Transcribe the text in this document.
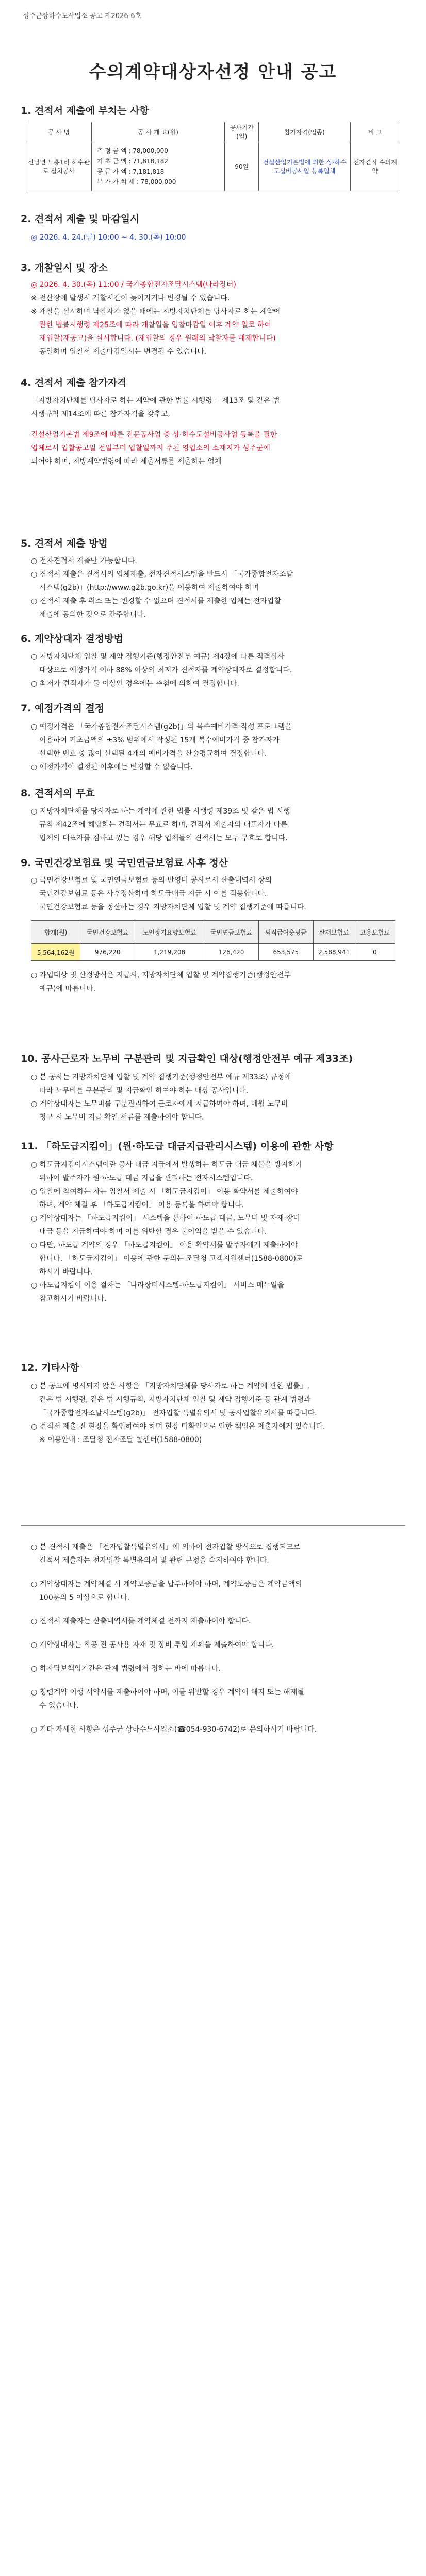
성주군상하수도사업소 공고 제2026-6호
수의계약대상자선정 안내 공고
1. 견적서 제출에 부치는 사항
공 사 명	공 사 개 요(원)	공사기간(일)	참가자격(업종)	비 고
선남면 도흥1리 하수관로 설치공사	추 정 금 액 : 78,000,000
기 초 금 액 : 71,818,182
공 급 가 액 : 7,181,818
부 가 가 치 세 : 78,000,000	90일	건설산업기본법에 의한 상·하수도설비공사업 등록업체	전자견적 수의계약
2. 견적서 제출 및 마감일시
◎ 2026. 4. 24.(금) 10:00 ~ 4. 30.(목) 10:00
3. 개찰일시 및 장소
◎ 2026. 4. 30.(목) 11:00 / 국가종합전자조달시스템(나라장터)
※ 전산장애 발생시 개찰시간이 늦어지거나 변경될 수 있습니다.
※ 개찰을 실시하며 낙찰자가 없을 때에는 지방자치단체를 당사자로 하는 계약에
관한 법률시행령 제25조에 따라 개찰일을 입찰마감일 이후 계약 일로 하여
재입찰(재공고)을 실시합니다. (재입찰의 경우 원래의 낙찰자를 배제합니다)
동일하며 입찰서 제출마감일시는 변경될 수 있습니다.
4. 견적서 제출 참가자격
「지방자치단체를 당사자로 하는 계약에 관한 법률 시행령」 제13조 및 같은 법
시행규칙 제14조에 따른 참가자격을 갖추고,
건설산업기본법 제9조에 따른 전문공사업 중 상·하수도설비공사업 등록을 필한
업체로서 입찰공고일 전일부터 입찰일까지 주된 영업소의 소재지가 성주군에
되어야 하며, 지방계약법령에 따라 제출서류를 제출하는 업체
5. 견적서 제출 방법
○ 전자견적서 제출만 가능합니다.
○ 견적서 제출은 견적서의 업체제출, 전자견적시스템을 반드시 「국가종합전자조달
시스템(g2b)」(http://www.g2b.go.kr)을 이용하여 제출하여야 하며
○ 견적서 제출 후 취소 또는 변경할 수 없으며 견적서를 제출한 업체는 전자입찰
제출에 동의한 것으로 간주합니다.
6. 계약상대자 결정방법
○ 지방자치단체 입찰 및 계약 집행기준(행정안전부 예규) 제4장에 따른 적격심사
대상으로 예정가격 이하 88% 이상의 최저가 견적자를 계약상대자로 결정합니다.
○ 최저가 견적자가 둘 이상인 경우에는 추첨에 의하여 결정합니다.
7. 예정가격의 결정
○ 예정가격은 「국가종합전자조달시스템(g2b)」의 복수예비가격 작성 프로그램을
이용하여 기초금액의 ±3% 범위에서 작성된 15개 복수예비가격 중 참가자가
선택한 번호 중 많이 선택된 4개의 예비가격을 산술평균하여 결정합니다.
○ 예정가격이 결정된 이후에는 변경할 수 없습니다.
8. 견적서의 무효
○ 지방자치단체를 당사자로 하는 계약에 관한 법률 시행령 제39조 및 같은 법 시행
규칙 제42조에 해당하는 견적서는 무효로 하며, 견적서 제출자의 대표자가 다른
업체의 대표자를 겸하고 있는 경우 해당 업체들의 견적서는 모두 무효로 합니다.
9. 국민건강보험료 및 국민연금보험료 사후 정산
○ 국민건강보험료 및 국민연금보험료 등의 반영비 공사로서 산출내역서 상의
국민건강보험료 등은 사후정산하며 하도급대금 지급 시 이를 적용합니다.
국민건강보험료 등을 정산하는 경우 지방자치단체 입찰 및 계약 집행기준에 따릅니다.
합계(원)	국민건강보험료	노인장기요양보험료	국민연금보험료	퇴직급여충당금	산재보험료	고용보험료
5,564,162원	976,220	1,219,208	126,420	653,575	2,588,941	0
○ 가입대상 및 산정방식은 지급시, 지방자치단체 입찰 및 계약집행기준(행정안전부
예규)에 따릅니다.
10. 공사근로자 노무비 구분관리 및 지급확인 대상(행정안전부 예규 제33조)
○ 본 공사는 지방자치단체 입찰 및 계약 집행기준(행정안전부 예규 제33조) 규정에
따라 노무비를 구분관리 및 지급확인 하여야 하는 대상 공사입니다.
○ 계약상대자는 노무비를 구분관리하여 근로자에게 지급하여야 하며, 매월 노무비
청구 시 노무비 지급 확인 서류를 제출하여야 합니다.
11. 「하도급지킴이」(원·하도급 대금지급관리시스템) 이용에 관한 사항
○ 하도급지킴이시스템이란 공사 대금 지급에서 발생하는 하도급 대금 체불을 방지하기
위하여 발주자가 원·하도급 대금 지급을 관리하는 전자시스템입니다.
○ 입찰에 참여하는 자는 입찰서 제출 시 「하도급지킴이」 이용 확약서를 제출하여야
하며, 계약 체결 후 「하도급지킴이」 이용 등록을 하여야 합니다.
○ 계약상대자는 「하도급지킴이」 시스템을 통하여 하도급 대금, 노무비 및 자재·장비
대금 등을 지급하여야 하며 이를 위반할 경우 불이익을 받을 수 있습니다.
○ 다만, 하도급 계약의 경우 「하도급지킴이」 이용 확약서를 발주자에게 제출하여야
합니다. 「하도급지킴이」 이용에 관한 문의는 조달청 고객지원센터(1588-0800)로
하시기 바랍니다.
○ 하도급지킴이 이용 절차는 「나라장터시스템-하도급지킴이」 서비스 매뉴얼을
참고하시기 바랍니다.
12. 기타사항
○ 본 공고에 명시되지 않은 사항은 「지방자치단체를 당사자로 하는 계약에 관한 법률」,
같은 법 시행령, 같은 법 시행규칙, 지방자치단체 입찰 및 계약 집행기준 등 관계 법령과
「국가종합전자조달시스템(g2b)」 전자입찰 특별유의서 및 공사입찰유의서를 따릅니다.
○ 견적서 제출 전 현장을 확인하여야 하며 현장 미확인으로 인한 책임은 제출자에게 있습니다.
※ 이용안내 : 조달청 전자조달 콜센터(1588-0800)
○ 본 견적서 제출은 「전자입찰특별유의서」에 의하여 전자입찰 방식으로 집행되므로
견적서 제출자는 전자입찰 특별유의서 및 관련 규정을 숙지하여야 합니다.
○ 계약상대자는 계약체결 시 계약보증금을 납부하여야 하며, 계약보증금은 계약금액의
100분의 5 이상으로 합니다.
○ 견적서 제출자는 산출내역서를 계약체결 전까지 제출하여야 합니다.
○ 계약상대자는 착공 전 공사용 자재 및 장비 투입 계획을 제출하여야 합니다.
○ 하자담보책임기간은 관계 법령에서 정하는 바에 따릅니다.
○ 청렴계약 이행 서약서를 제출하여야 하며, 이를 위반할 경우 계약이 해지 또는 해제될
수 있습니다.
○ 기타 자세한 사항은 성주군 상하수도사업소(☎054-930-6742)로 문의하시기 바랍니다.
